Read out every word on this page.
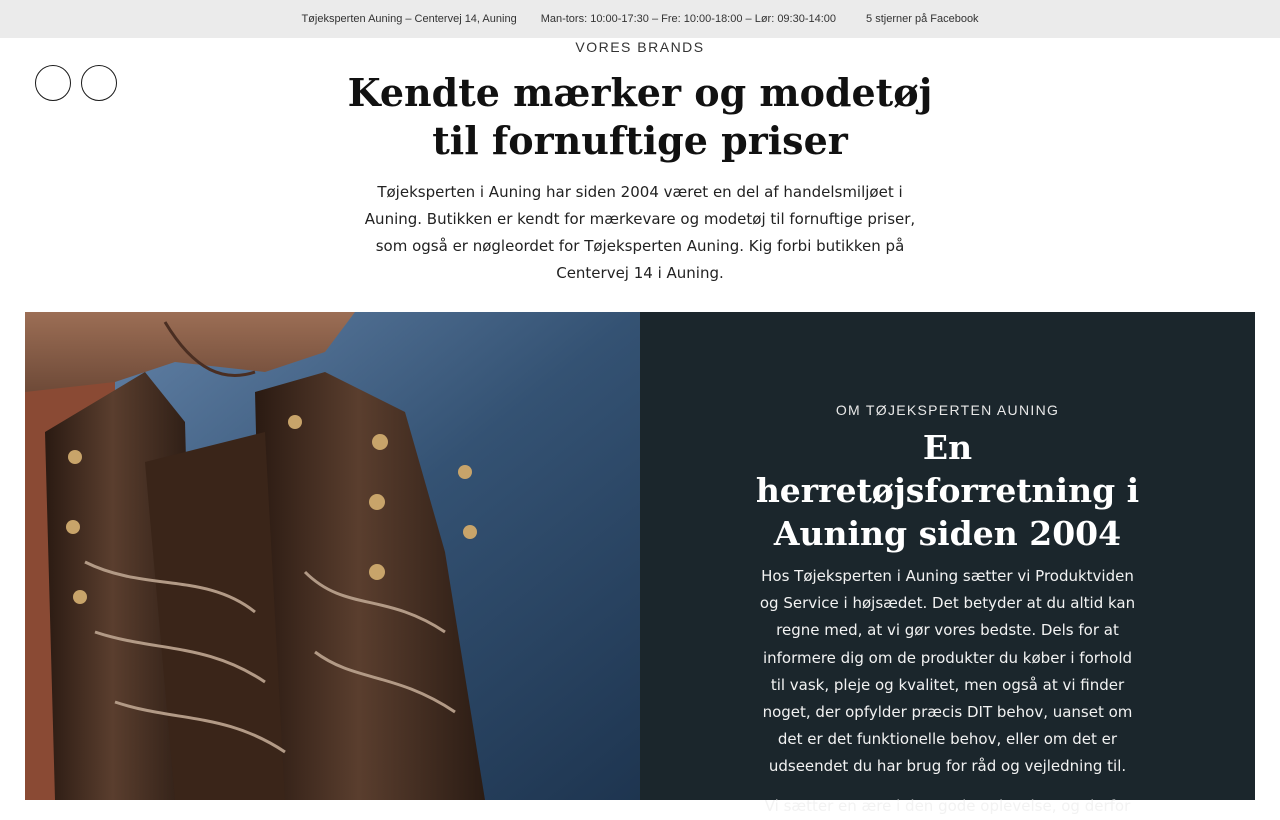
Tøjeksperten Auning – Centervej 14, Auning Man-tors: 10:00-17:30 – Fre: 10:00-18:00 – Lør: 09:30-14:00	5 stjerner på Facebook
VORES BRANDS
Kendte mærker og modetøj til fornuftige priser

Tøjeksperten i Auning har siden 2004 været en del af handelsmiljøet i Auning. Butikken er kendt for mærkevare og modetøj til fornuftige priser, som også er nøgleordet for Tøjeksperten Auning. Kig forbi butikken på Centervej 14 i Auning.

OM TØJEKSPERTEN AUNING
En herretøjsforretning i Auning siden 2004

Hos Tøjeksperten i Auning sætter vi Produktviden og Service i højsædet. Det betyder at du altid kan regne med, at vi gør vores bedste. Dels for at informere dig om de produkter du køber i forhold til vask, pleje og kvalitet, men også at vi finder noget, der opfylder præcis DIT behov, uanset om det er det funktionelle behov, eller om det er udseendet du har brug for råd og vejledning til.

Vi sætter en ære i den gode oplevelse, og derfor
